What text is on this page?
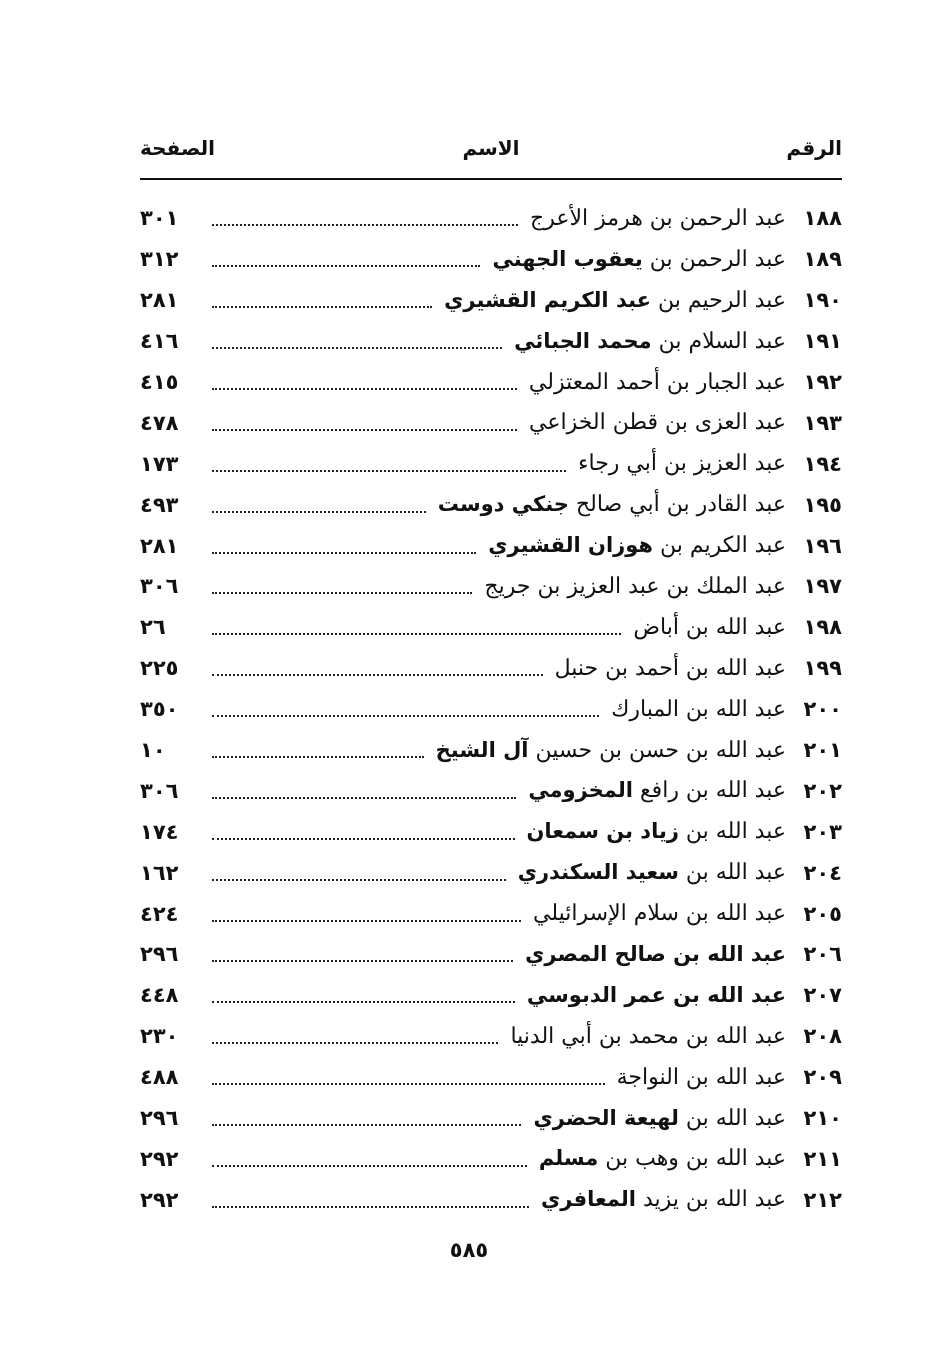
الرقم
الاسم
الصفحة
١٨٨
عبد الرحمن بن هرمز الأعرج
٣٠١
١٨٩
عبد الرحمن بن يعقوب الجهني
٣١٢
١٩٠
عبد الرحيم بن عبد الكريم القشيري
٢٨١
١٩١
عبد السلام بن محمد الجبائي
٤١٦
١٩٢
عبد الجبار بن أحمد المعتزلي
٤١٥
١٩٣
عبد العزى بن قطن الخزاعي
٤٧٨
١٩٤
عبد العزيز بن أبي رجاء
١٧٣
١٩٥
عبد القادر بن أبي صالح جنكي دوست
٤٩٣
١٩٦
عبد الكريم بن هوزان القشيري
٢٨١
١٩٧
عبد الملك بن عبد العزيز بن جريج
٣٠٦
١٩٨
عبد الله بن أباض
٢٦
١٩٩
عبد الله بن أحمد بن حنبل
٢٢٥
٢٠٠
عبد الله بن المبارك
٣٥٠
٢٠١
عبد الله بن حسن بن حسين آل الشيخ
١٠
٢٠٢
عبد الله بن رافع المخزومي
٣٠٦
٢٠٣
عبد الله بن زياد بن سمعان
١٧٤
٢٠٤
عبد الله بن سعيد السكندري
١٦٢
٢٠٥
عبد الله بن سلام الإسرائيلي
٤٢٤
٢٠٦
عبد الله بن صالح المصري
٢٩٦
٢٠٧
عبد الله بن عمر الدبوسي
٤٤٨
٢٠٨
عبد الله بن محمد بن أبي الدنيا
٢٣٠
٢٠٩
عبد الله بن النواجة
٤٨٨
٢١٠
عبد الله بن لهيعة الحضري
٢٩٦
٢١١
عبد الله بن وهب بن مسلم
٢٩٢
٢١٢
عبد الله بن يزيد المعافري
٢٩٢
٥٨٥
